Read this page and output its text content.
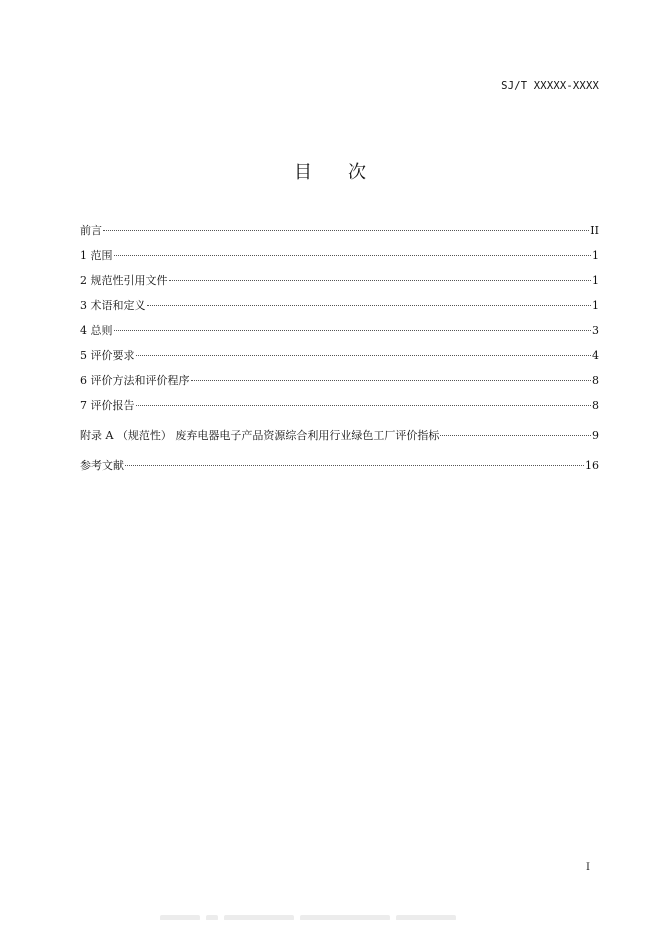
SJ/T XXXXX-XXXX
目 次
前言	II
1 范围	1
2 规范性引用文件	1
3 术语和定义	1
4 总则	3
5 评价要求	4
6 评价方法和评价程序	8
7 评价报告	8
附录 A （规范性） 废弃电器电子产品资源综合利用行业绿色工厂评价指标	9
参考文献	16
I
